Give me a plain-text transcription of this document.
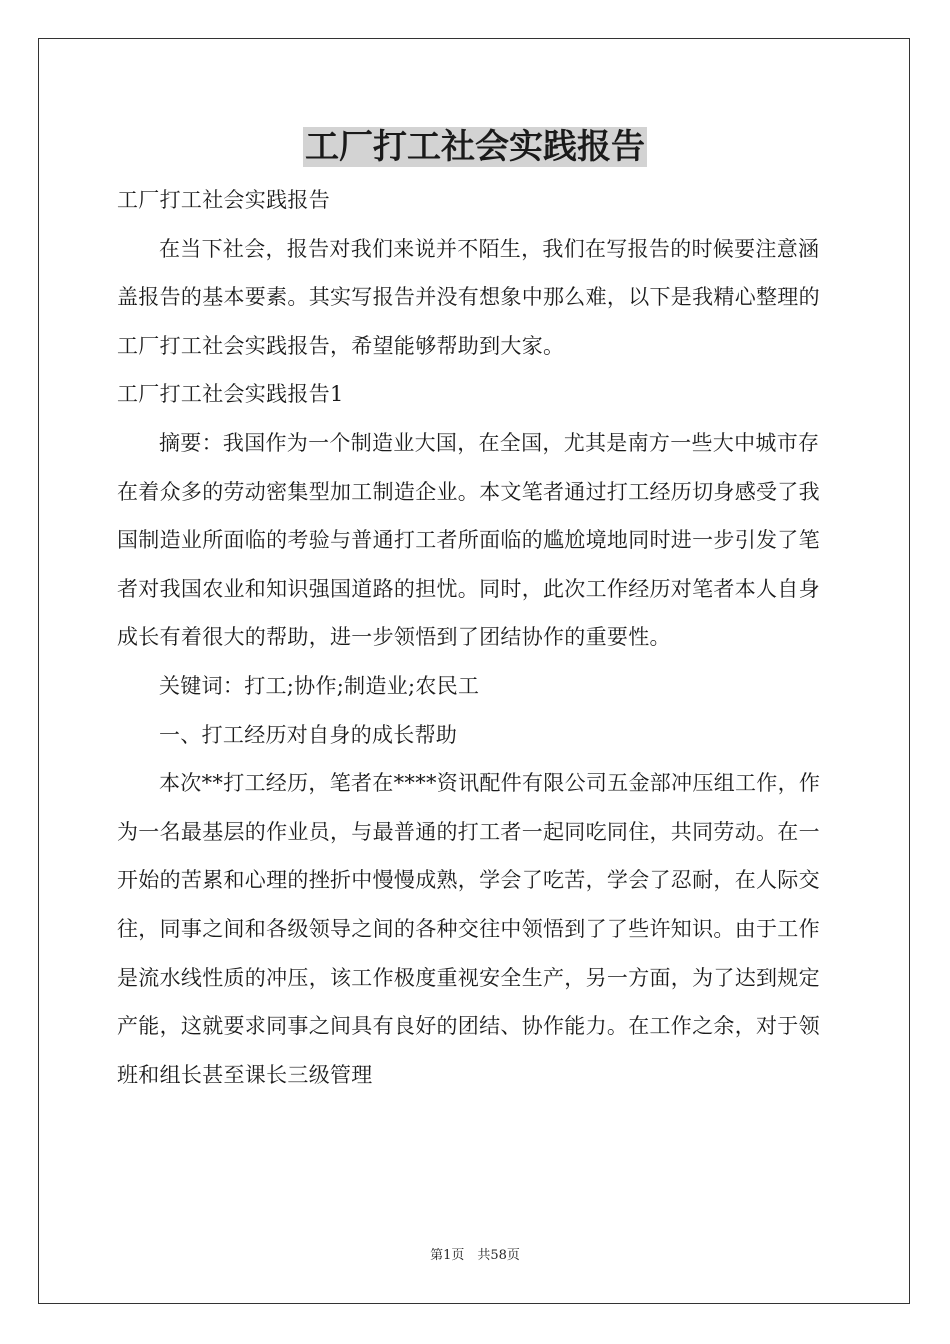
工厂打工社会实践报告

工厂打工社会实践报告

在当下社会，报告对我们来说并不陌生，我们在写报告的时候要注意涵盖报告的基本要素。其实写报告并没有想象中那么难，以下是我精心整理的工厂打工社会实践报告，希望能够帮助到大家。

工厂打工社会实践报告1

摘要：我国作为一个制造业大国，在全国，尤其是南方一些大中城市存在着众多的劳动密集型加工制造企业。本文笔者通过打工经历切身感受了我国制造业所面临的考验与普通打工者所面临的尴尬境地同时进一步引发了笔者对我国农业和知识强国道路的担忧。同时，此次工作经历对笔者本人自身成长有着很大的帮助，进一步领悟到了团结协作的重要性。

关键词：打工;协作;制造业;农民工

一、打工经历对自身的成长帮助

本次**打工经历，笔者在****资讯配件有限公司五金部冲压组工作，作为一名最基层的作业员，与最普通的打工者一起同吃同住，共同劳动。在一开始的苦累和心理的挫折中慢慢成熟，学会了吃苦，学会了忍耐，在人际交往，同事之间和各级领导之间的各种交往中领悟到了了些许知识。由于工作是流水线性质的冲压，该工作极度重视安全生产，另一方面，为了达到规定产能，这就要求同事之间具有良好的团结、协作能力。在工作之余，对于领班和组长甚至课长三级管理

第1页　共58页
